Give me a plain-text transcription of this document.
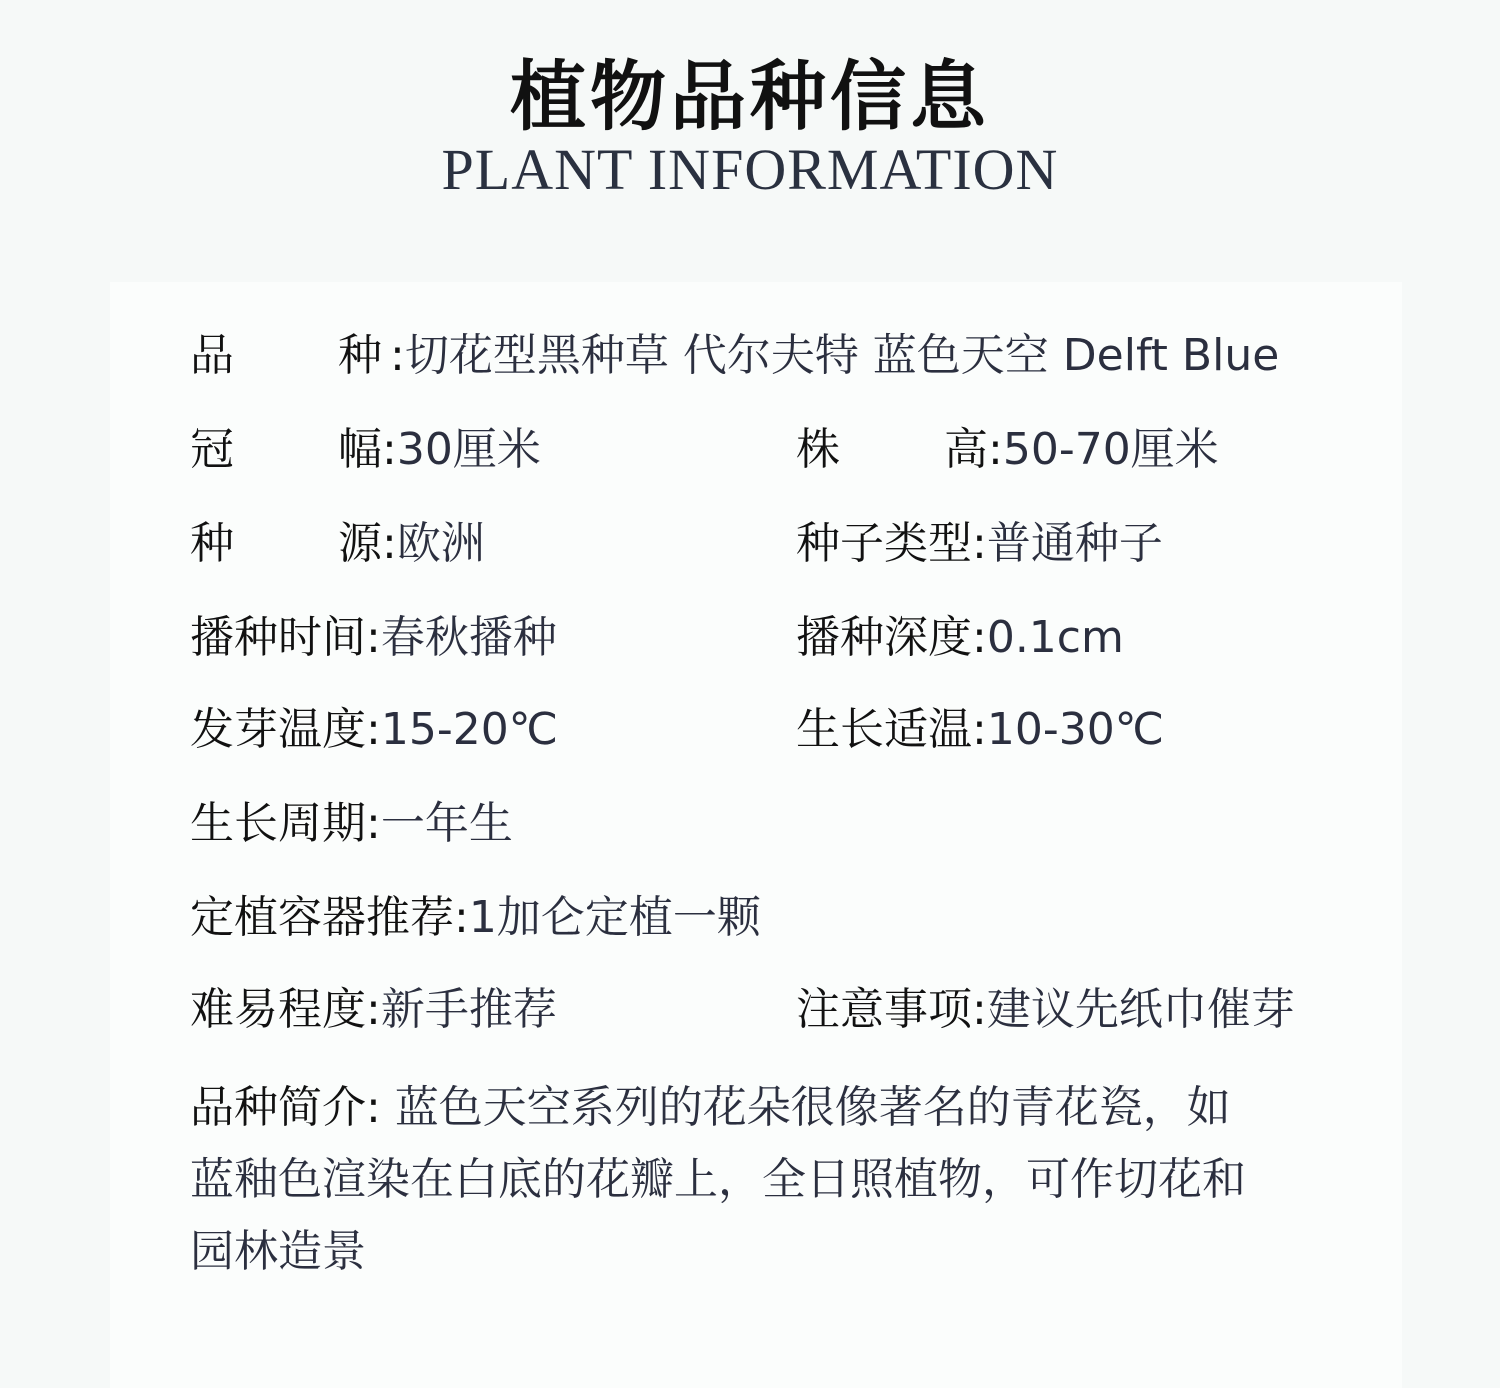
植物品种信息
PLANT INFORMATION
品 种 :切花型黑种草 代尔夫特 蓝色天空 Delft Blue
冠 幅:30厘米	株 高:50-70厘米
种 源:欧洲	种子类型:普通种子
播种时间:春秋播种	播种深度:0.1cm
发芽温度:15-20℃	生长适温:10-30℃
生长周期:一年生
定植容器推荐:1加仑定植一颗
难易程度:新手推荐	注意事项:建议先纸巾催芽
品种简介: 蓝色天空系列的花朵很像著名的青花瓷，如
蓝釉色渲染在白底的花瓣上，全日照植物，可作切花和
园林造景
